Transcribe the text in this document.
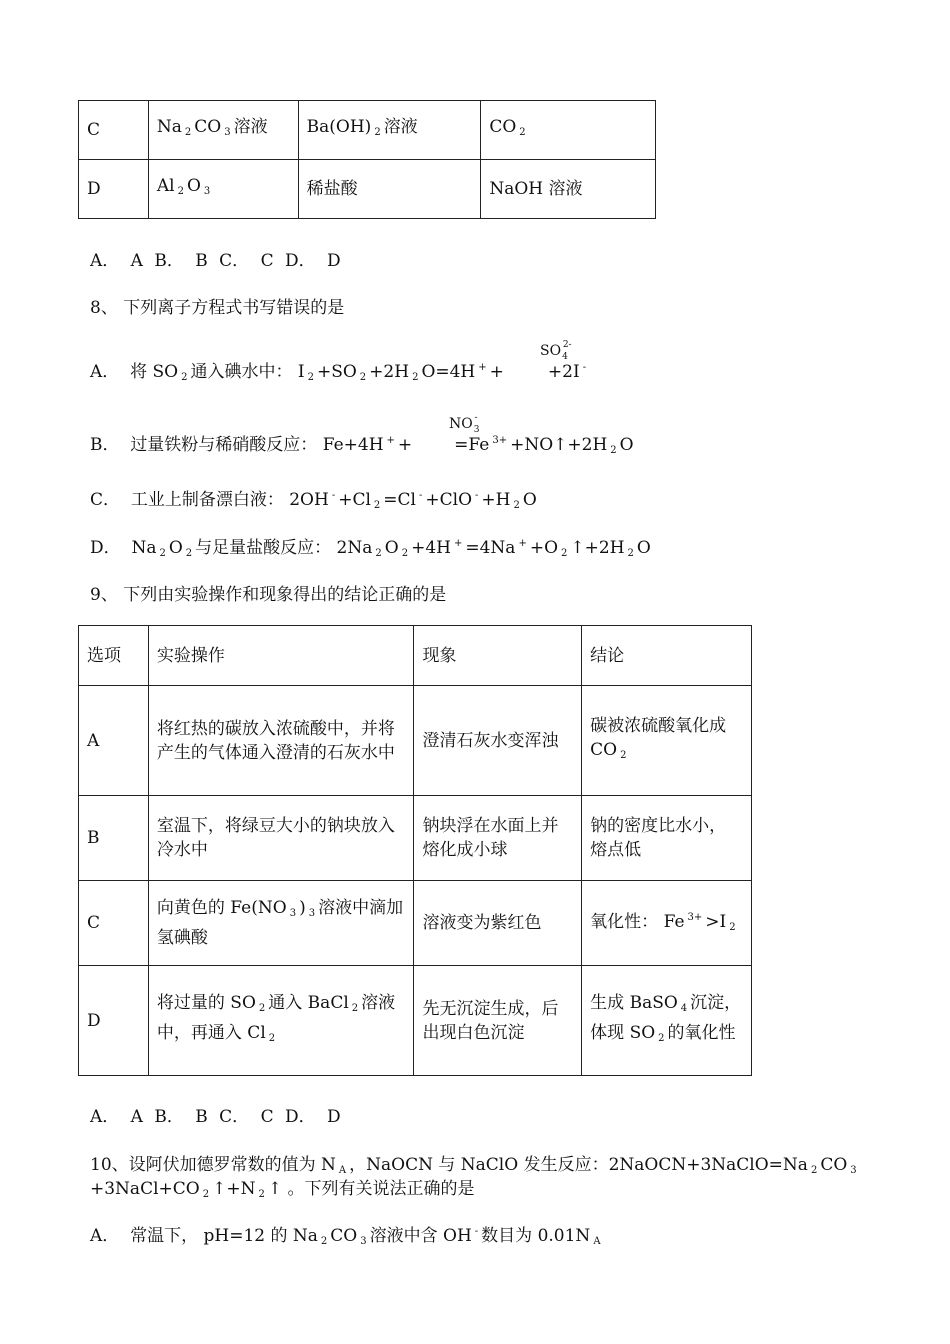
C	Na $_2$ CO $_3$ 溶液	Ba(OH) $_2$ 溶液	CO $_2$
D	Al $_2$ O $_3$	稀盐酸	NaOH 溶液
A． A B． B C． C D． D
8、 下列离子方程式书写错误的是
A． 将 SO $_2$ 通入碘水中： I $_2$ +SO $_2$ +2H $_2$ O=4H + +	+2I -
$SO_4^{2-}$
B． 过量铁粉与稀硝酸反应： Fe+4H + + =Fe $^{3+}$ +NO↑+2H $_2$ O
$NO_3^-$
C． 工业上制备漂白液： 2OH - +Cl $_2$ =Cl - +ClO - +H $_2$ O
D． Na $_2$ O $_2$ 与足量盐酸反应： 2Na $_2$ O $_2$ +4H + =4Na + +O $_2$ ↑+2H $_2$ O
9、 下列由实验操作和现象得出的结论正确的是
选项	实验操作	现象	结论
A	将红热的碳放入浓硫酸中，并将产生的气体通入澄清的石灰水中	澄清石灰水变浑浊	碳被浓硫酸氧化成 CO $_2$
B	室温下，将绿豆大小的钠块放入冷水中	钠块浮在水面上并熔化成小球	钠的密度比水小，熔点低
C	向黄色的 Fe(NO $_3$ ) $_3$ 溶液中滴加氢碘酸	溶液变为紫红色	氧化性： Fe $^{3+}$ >I $_2$
D	将过量的 SO $_2$ 通入 BaCl $_2$ 溶液中，再通入 Cl $_2$	先无沉淀生成，后出现白色沉淀	生成 BaSO $_4$ 沉淀，体现 SO $_2$ 的氧化性
A． A B． B C． C D． D
10、设阿伏加德罗常数的值为 N $_A$ ，NaOCN 与 NaClO 发生反应：2NaOCN+3NaClO=Na $_2$ CO $_3$
+3NaCl+CO $_2$ ↑+N $_2$ ↑ 。下列有关说法正确的是
A． 常温下， pH=12 的 Na $_2$ CO $_3$ 溶液中含 OH - 数目为 0.01N $_A$
